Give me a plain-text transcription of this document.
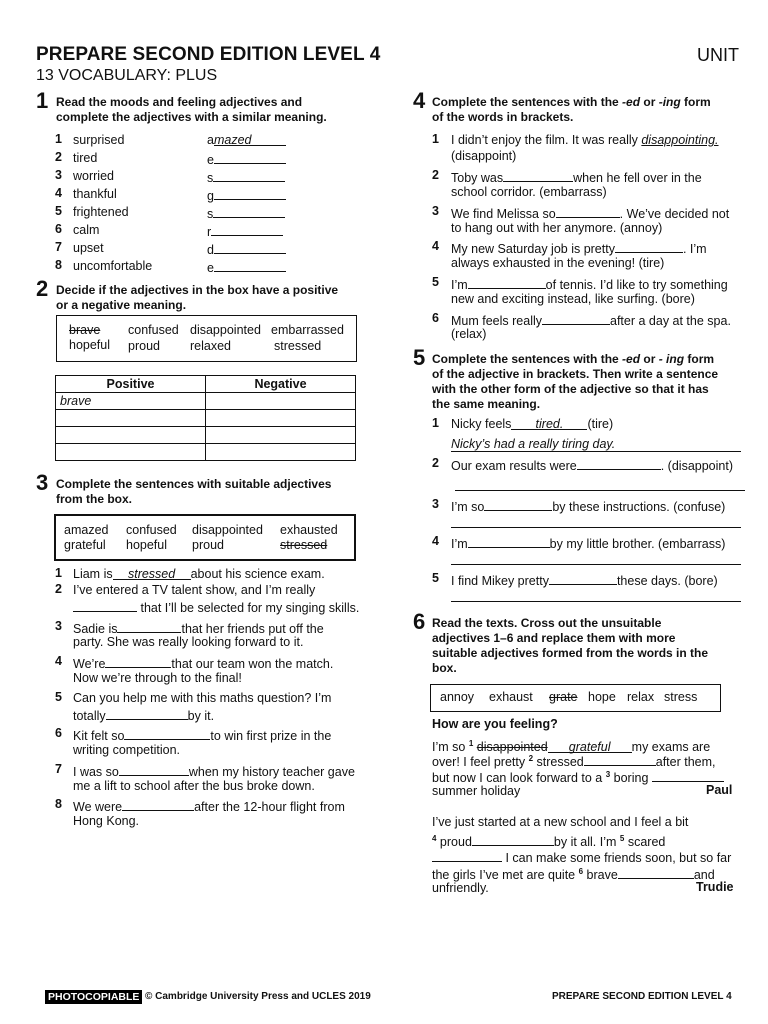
PREPARE SECOND EDITION LEVEL 4	UNIT
13 VOCABULARY: PLUS
1 Read the moods and feeling adjectives and
complete the adjectives with a similar meaning.
1 surprised	amazed
2 tired	e
3 worried	s
4 thankful	g
5 frightened	s
6 calm	r
7 upset	d
8 uncomfortable	e
2 Decide if the adjectives in the box have a positive
or a negative meaning.
brave confused disappointed embarrassed
hopeful proud relaxed	stressed
Positive	Negative
brave	

3 Complete the sentences with suitable adjectives
from the box.
amazed confused disappointed exhausted
grateful hopeful proud	stressed
1 Liam is stressed about his science exam.
2 I’ve entered a TV talent show, and I’m really
that I’ll be selected for my singing skills.
3 Sadie is	that her friends put off the
party. She was really looking forward to it.
4 We’re	that our team won the match.
Now we’re through to the final!
5 Can you help me with this maths question? I’m
totally	by it.
6 Kit felt so	to win first prize in the
writing competition.
7 I was so	when my history teacher gave
me a lift to school after the bus broke down.
8 We were	after the 12-hour flight from
Hong Kong.
4 Complete the sentences with the -ed or -ing form
of the words in brackets.
1 I didn’t enjoy the film. It was really disappointing.
(disappoint)
2 Toby was	when he fell over in the
school corridor. (embarrass)
3 We find Melissa so	. We’ve decided not
to hang out with her anymore. (annoy)
4 My new Saturday job is pretty	. I’m
always exhausted in the evening! (tire)
5 I’m	of tennis. I’d like to try something
new and exciting instead, like surfing. (bore)
6 Mum feels really	after a day at the spa.
(relax)
5 Complete the sentences with the -ed or - ing form
of the adjective in brackets. Then write a sentence
with the other form of the adjective so that it has
the same meaning.
1 Nicky feels tired. (tire)
Nicky’s had a really tiring day.
2 Our exam results were	. (disappoint)
3 I’m so	by these instructions. (confuse)
4 I’m	by my little brother. (embarrass)
5 I find Mikey pretty	these days. (bore)
6 Read the texts. Cross out the unsuitable
adjectives 1–6 and replace them with more
suitable adjectives formed from the words in the
box.
annoy exhaust grate hope relax stress
How are you feeling?
I’m so $^1$ disappointed grateful my exams are
over! I feel pretty $^2$ stressed	after them,
but now I can look forward to a $^3$ boring
summer holiday	Paul
I’ve just started at a new school and I feel a bit
$^4$ proud	by it all. I’m $^5$ scared
I can make some friends soon, but so far
the girls I’ve met are quite $^6$ brave	and
unfriendly.	Trudie
PHOTOCOPIABLE © Cambridge University Press and UCLES 2019	PREPARE SECOND EDITION LEVEL 4
